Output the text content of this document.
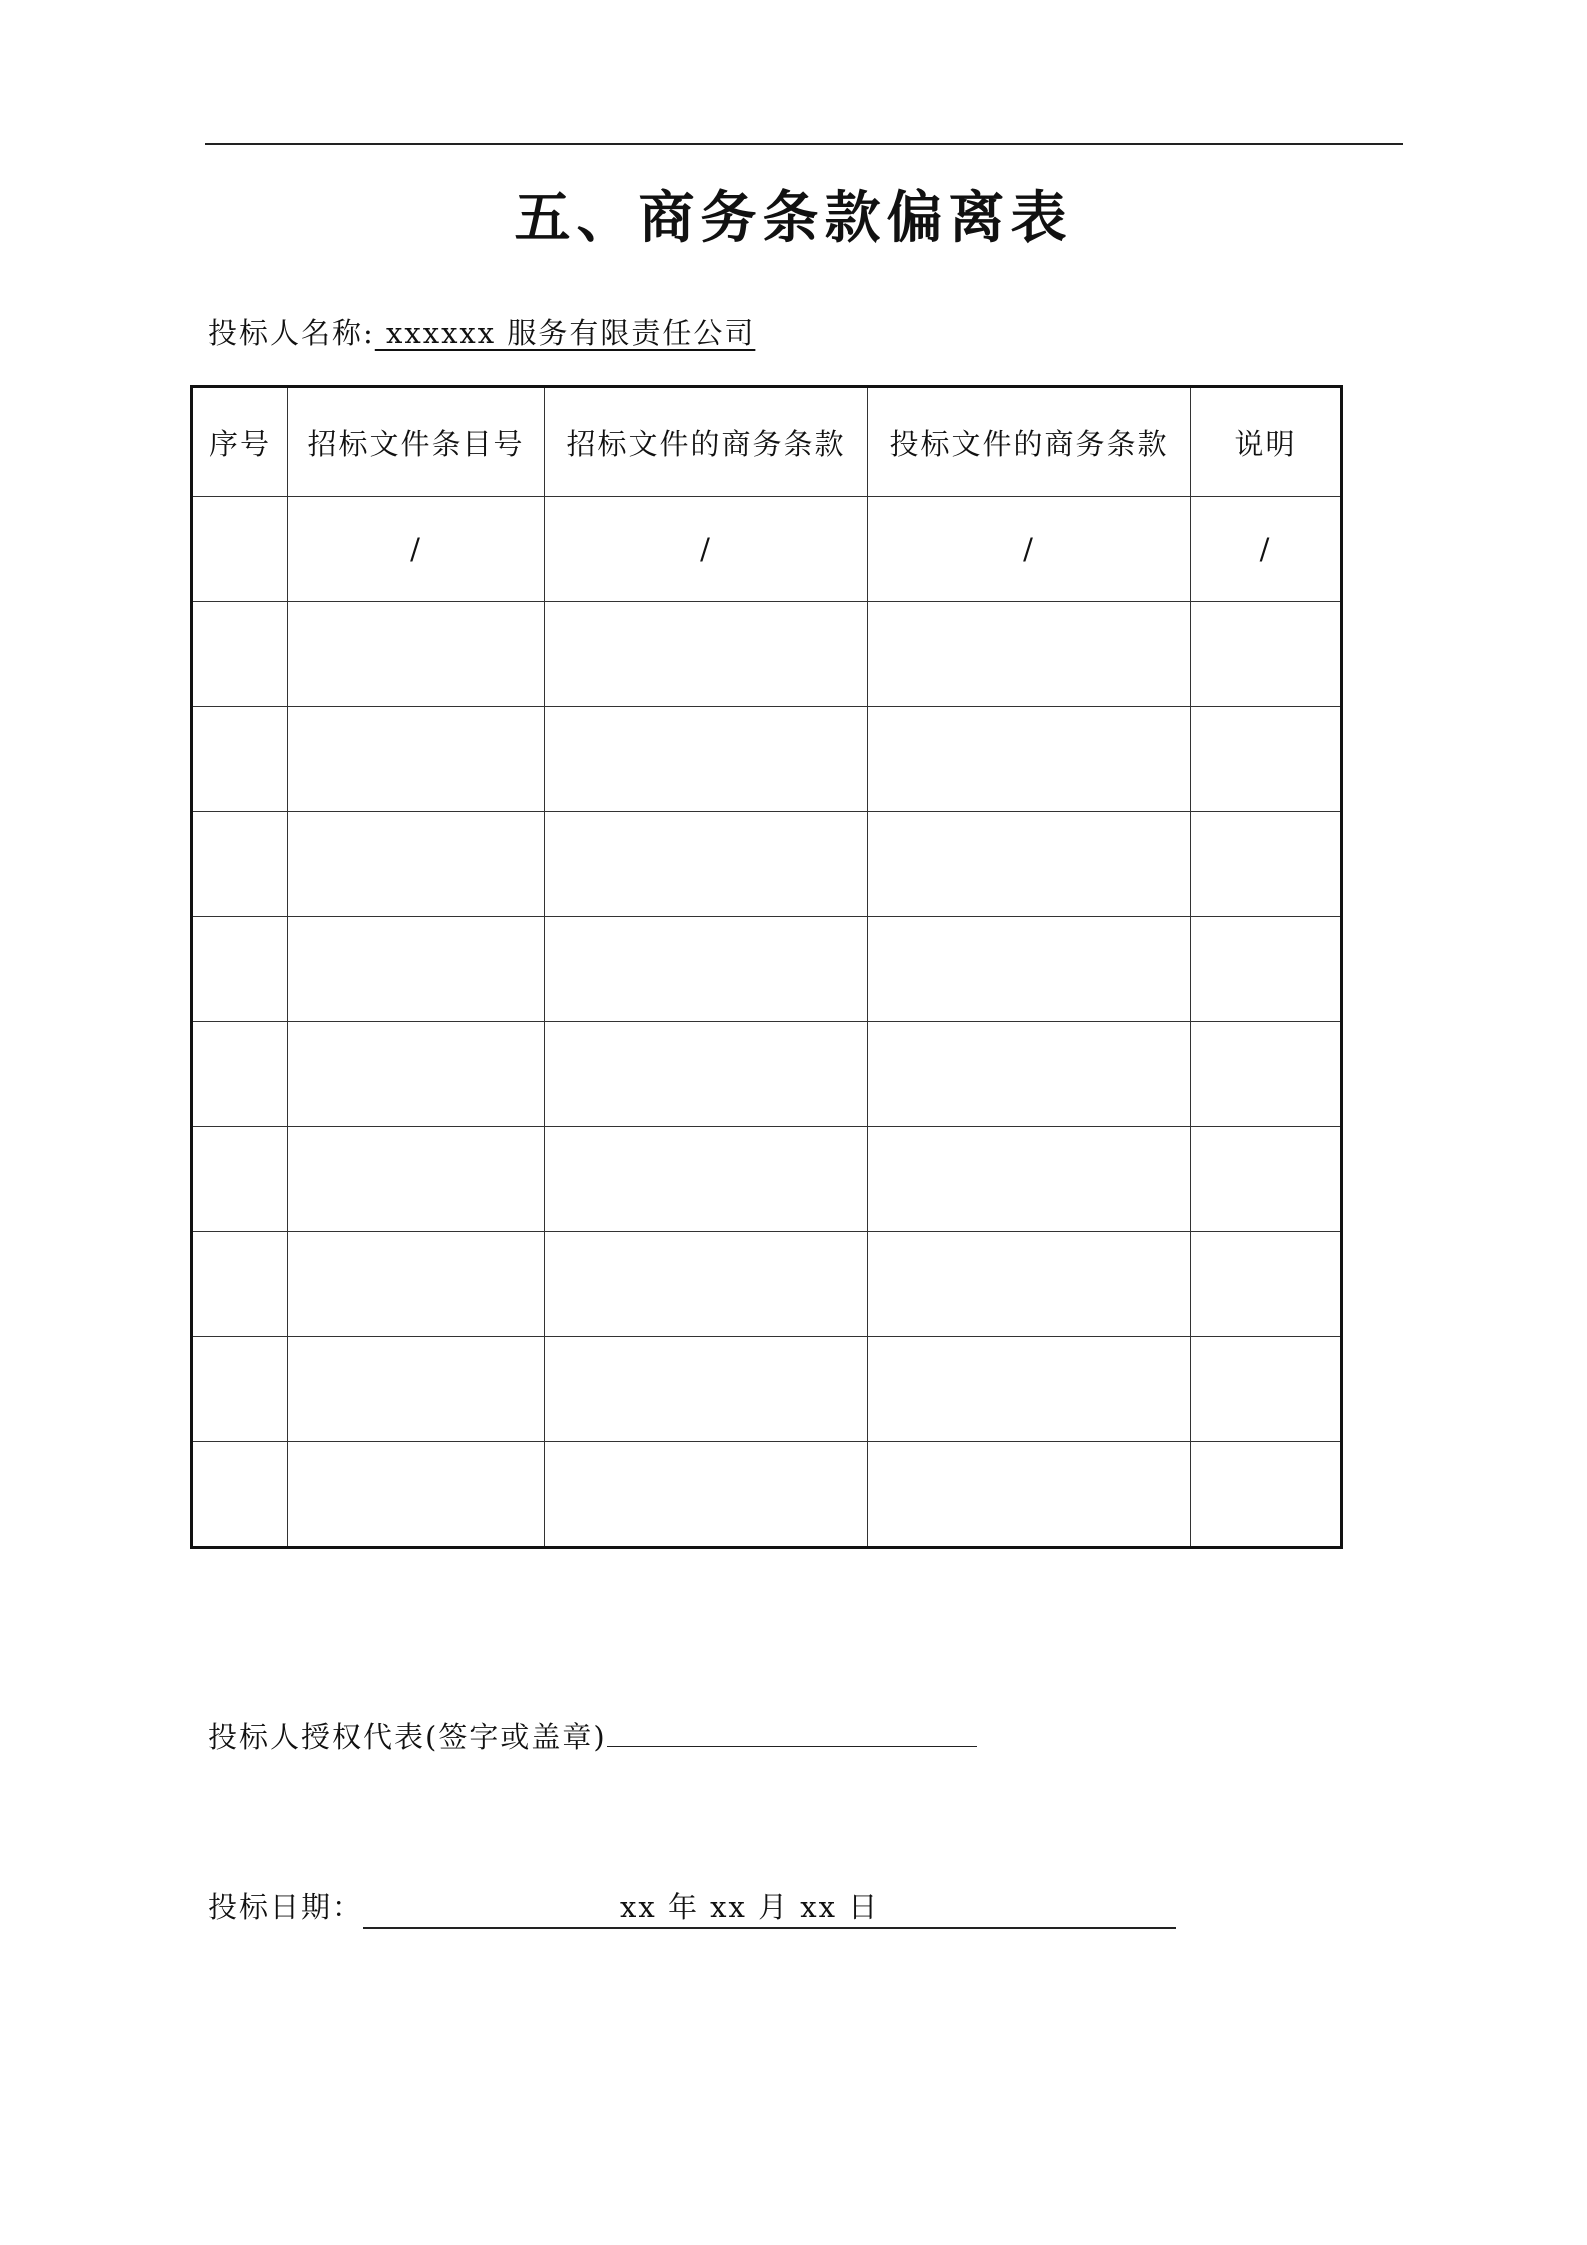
五、商务条款偏离表
投标人名称: xxxxxx 服务有限责任公司
序号	招标文件条目号	招标文件的商务条款	投标文件的商务条款	说明
	/	/	/	/

投标人授权代表(签字或盖章)
投标日期：	xx 年 xx 月 xx 日
